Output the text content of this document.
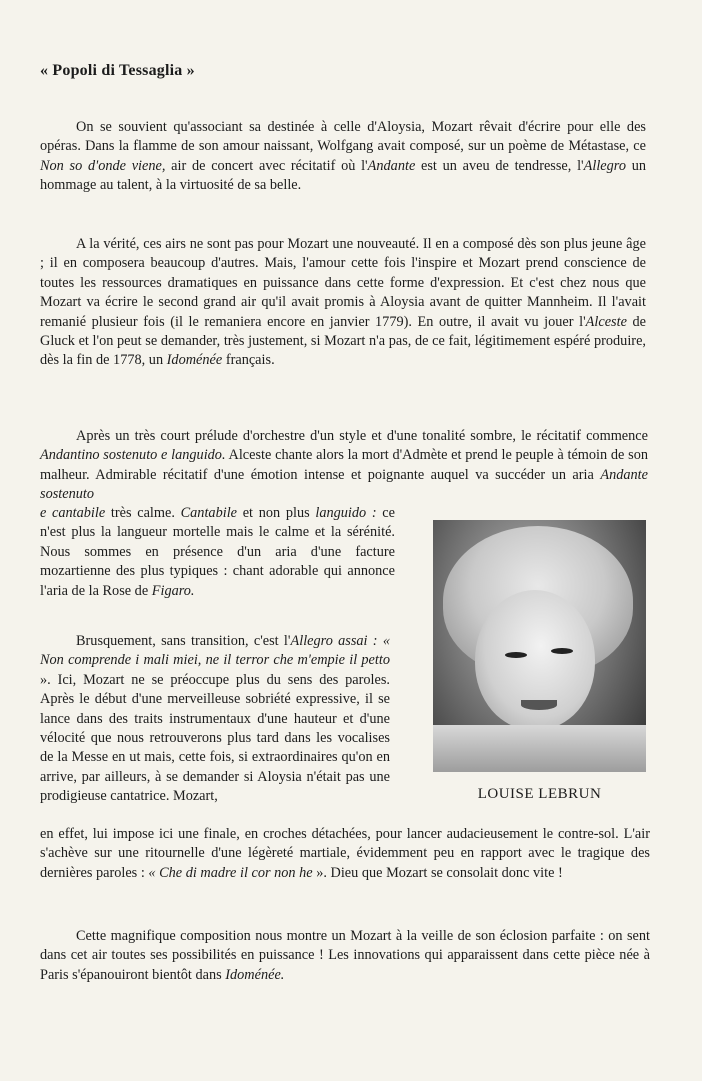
« Popoli di Tessaglia »

On se souvient qu'associant sa destinée à celle d'Aloysia, Mozart rêvait d'écrire pour elle des opéras. Dans la flamme de son amour naissant, Wolfgang avait composé, sur un poème de Métastase, ce Non so d'onde viene, air de concert avec récitatif où l'Andante est un aveu de tendresse, l'Allegro un hommage au talent, à la virtuosité de sa belle.

A la vérité, ces airs ne sont pas pour Mozart une nouveauté. Il en a composé dès son plus jeune âge ; il en composera beaucoup d'autres. Mais, l'amour cette fois l'inspire et Mozart prend conscience de toutes les ressources dramatiques en puissance dans cette forme d'expression. Et c'est chez nous que Mozart va écrire le second grand air qu'il avait promis à Aloysia avant de quitter Mannheim. Il l'avait remanié plusieur fois (il le remaniera encore en janvier 1779). En outre, il avait vu jouer l'Alceste de Gluck et l'on peut se demander, très justement, si Mozart n'a pas, de ce fait, légitimement espéré produire, dès la fin de 1778, un Idoménée français.

Après un très court prélude d'orchestre d'un style et d'une tonalité sombre, le récitatif commence Andantino sostenuto e languido. Alceste chante alors la mort d'Admète et prend le peuple à témoin de son malheur. Admirable récitatif d'une émotion intense et poignante auquel va succéder un aria Andante sostenuto

e cantabile très calme. Cantabile et non plus languido : ce n'est plus la langueur mortelle mais le calme et la sérénité. Nous sommes en présence d'un aria d'une facture mozartienne des plus typiques : chant adorable qui annonce l'aria de la Rose de Figaro.

Brusquement, sans transition, c'est l'Allegro assai : « Non comprende i mali miei, ne il terror che m'empie il petto ». Ici, Mozart ne se préoccupe plus du sens des paroles. Après le début d'une merveilleuse sobriété expressive, il se lance dans des traits instrumentaux d'une hauteur et d'une vélocité que nous retrouverons plus tard dans les vocalises de la Messe en ut mais, cette fois, si extraordinaires qu'on en arrive, par ailleurs, à se demander si Aloysia n'était pas une prodigieuse cantatrice. Mozart,

en effet, lui impose ici une finale, en croches détachées, pour lancer audacieusement le contre-sol. L'air s'achève sur une ritournelle d'une légèreté martiale, évidemment peu en rapport avec le tragique des dernières paroles : « Che di madre il cor non he ». Dieu que Mozart se consolait donc vite !

Cette magnifique composition nous montre un Mozart à la veille de son éclosion parfaite : on sent dans cet air toutes ses possibilités en puissance ! Les innovations qui apparaissent dans cette pièce née à Paris s'épanouiront bientôt dans Idoménée.

LOUISE LEBRUN
